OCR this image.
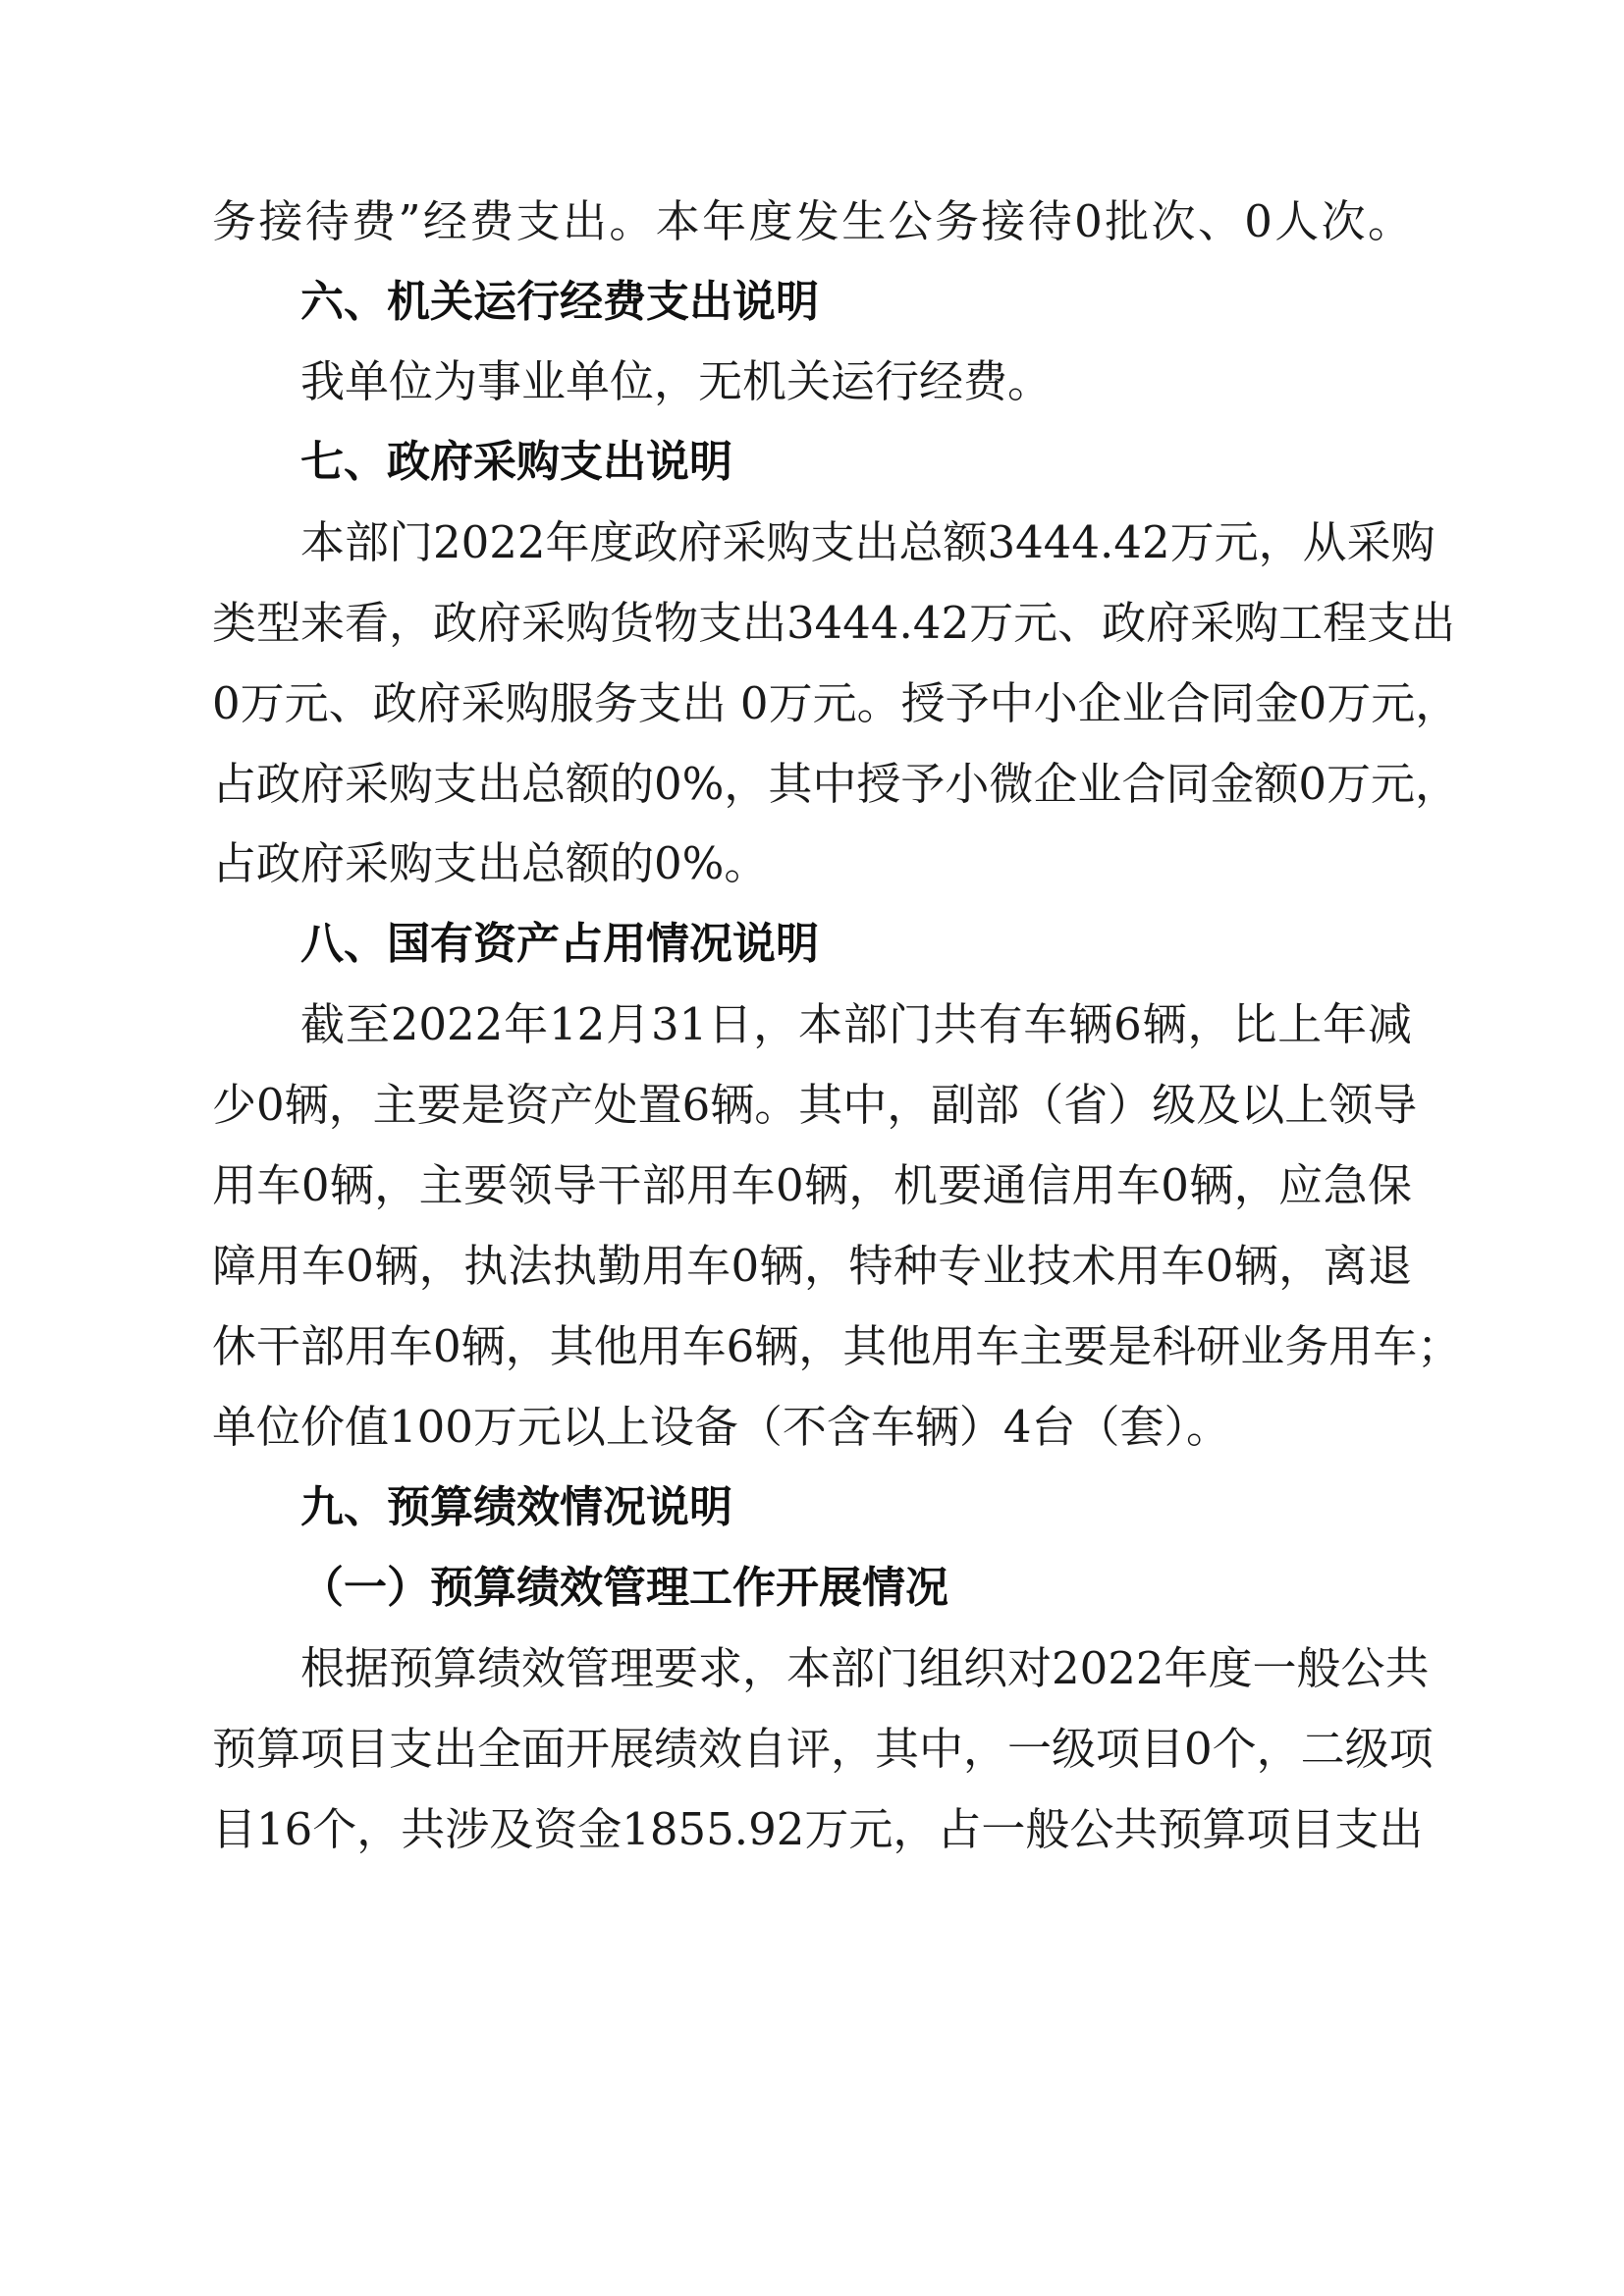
务接待费”经费支出。本年度发生公务接待0批次、0人次。
六、机关运行经费支出说明
我单位为事业单位，无机关运行经费。
七、政府采购支出说明
本部门2022年度政府采购支出总额3444.42万元，从采购
类型来看，政府采购货物支出3444.42万元、政府采购工程支出
0万元、政府采购服务支出 0万元。授予中小企业合同金0万元，
占政府采购支出总额的0%，其中授予小微企业合同金额0万元，
占政府采购支出总额的0%。
八、国有资产占用情况说明
截至2022年12月31日，本部门共有车辆6辆，比上年减
少0辆，主要是资产处置6辆。其中，副部（省）级及以上领导
用车0辆，主要领导干部用车0辆，机要通信用车0辆，应急保
障用车0辆，执法执勤用车0辆，特种专业技术用车0辆，离退
休干部用车0辆，其他用车6辆，其他用车主要是科研业务用车；
单位价值100万元以上设备（不含车辆）4台（套）。
九、预算绩效情况说明
（一）预算绩效管理工作开展情况
根据预算绩效管理要求，本部门组织对2022年度一般公共
预算项目支出全面开展绩效自评，其中，一级项目0个，二级项
目16个，共涉及资金1855.92万元，占一般公共预算项目支出
